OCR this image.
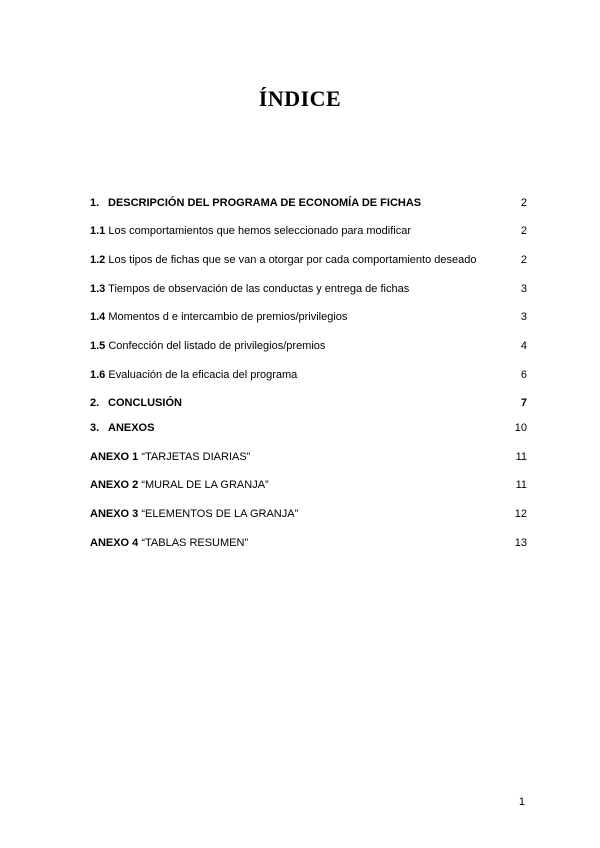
ÍNDICE
1. DESCRIPCIÓN DEL PROGRAMA DE ECONOMÍA DE FICHAS	2
1.1 Los comportamientos que hemos seleccionado para modificar	2
1.2 Los tipos de fichas que se van a otorgar por cada comportamiento deseado	2
1.3 Tiempos de observación de las conductas y entrega de fichas	3
1.4 Momentos d e intercambio de premios/privilegios	3
1.5 Confección del listado de privilegios/premios	4
1.6 Evaluación de la eficacia del programa	6
2. CONCLUSIÓN	7
3. ANEXOS	10
ANEXO 1 “TARJETAS DIARIAS”	11
ANEXO 2 “MURAL DE LA GRANJA”	11
ANEXO 3 “ELEMENTOS DE LA GRANJA”	12
ANEXO 4 “TABLAS RESUMEN”	13
1
